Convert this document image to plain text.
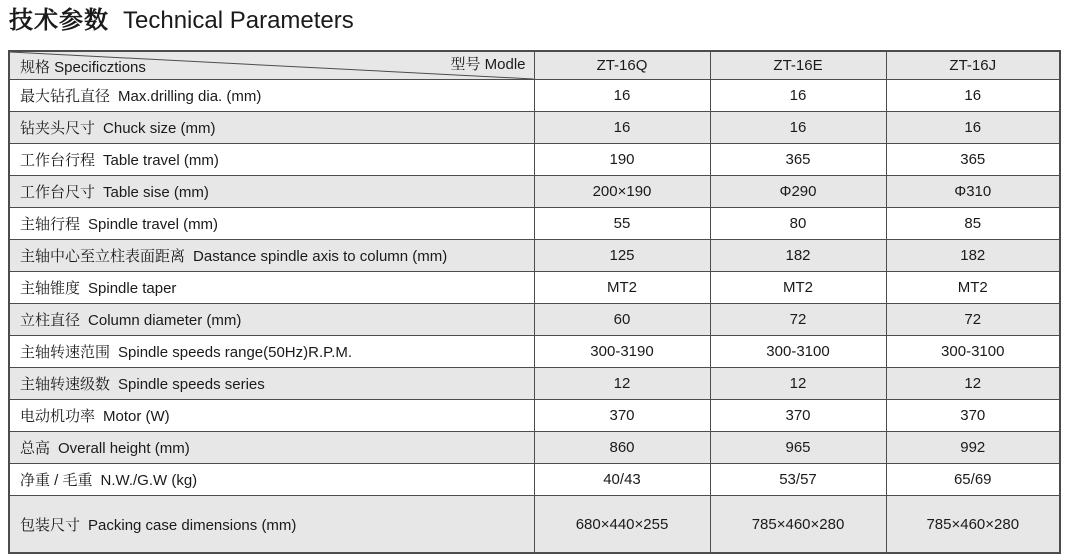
技术参数 Technical Parameters
规格 Specificztions 型号 Modle	ZT-16Q	ZT-16E	ZT-16J
最大钻孔直径 Max.drilling dia. (mm)	16	16	16
钻夹头尺寸 Chuck size (mm)	16	16	16
工作台行程 Table travel (mm)	190	365	365
工作台尺寸 Table sise (mm)	200×190	Φ290	Φ310
主轴行程 Spindle travel (mm)	55	80	85
主轴中心至立柱表面距离 Dastance spindle axis to column (mm)	125	182	182
主轴锥度 Spindle taper	MT2	MT2	MT2
立柱直径 Column diameter (mm)	60	72	72
主轴转速范围 Spindle speeds range(50Hz)R.P.M.	300-3190	300-3100	300-3100
主轴转速级数 Spindle speeds series	12	12	12
电动机功率 Motor (W)	370	370	370
总高 Overall height (mm)	860	965	992
净重 / 毛重 N.W./G.W (kg)	40/43	53/57	65/69
包装尺寸 Packing case dimensions (mm)	680×440×255	785×460×280	785×460×280
